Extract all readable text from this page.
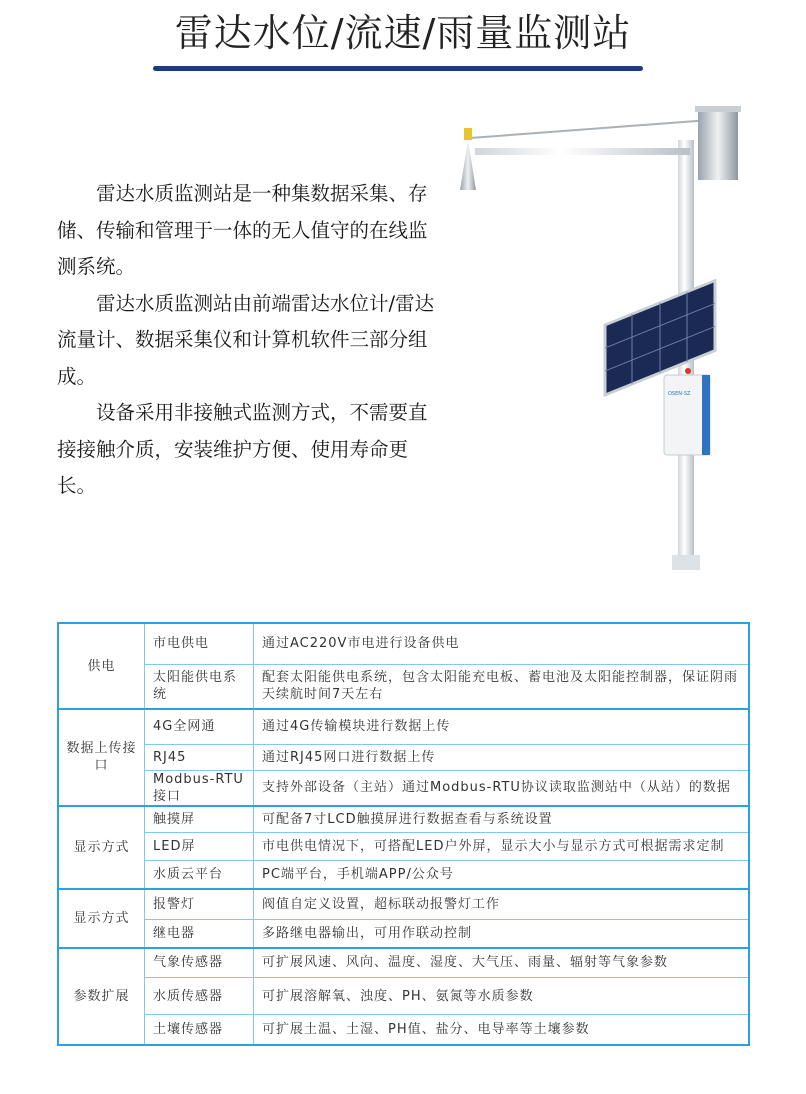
雷达水位/流速/雨量监测站

雷达水质监测站是一种集数据采集、存储、传输和管理于一体的无人值守的在线监测系统。

雷达水质监测站由前端雷达水位计/雷达流量计、数据采集仪和计算机软件三部分组成。

设备采用非接触式监测方式，不需要直接接触介质，安装维护方便、使用寿命更长。

OSEN-SZ
供电	市电供电	通过AC220V市电进行设备供电
	太阳能供电系统	配套太阳能供电系统，包含太阳能充电板、蓄电池及太阳能控制器，保证阴雨天续航时间7天左右
数据上传接口	4G全网通	通过4G传输模块进行数据上传
	RJ45	通过RJ45网口进行数据上传
	Modbus-RTU接口	支持外部设备（主站）通过Modbus-RTU协议读取监测站中（从站）的数据
显示方式	触摸屏	可配备7寸LCD触摸屏进行数据查看与系统设置
	LED屏	市电供电情况下，可搭配LED户外屏，显示大小与显示方式可根据需求定制
	水质云平台	PC端平台，手机端APP/公众号
显示方式	报警灯	阀值自定义设置，超标联动报警灯工作
	继电器	多路继电器输出，可用作联动控制
参数扩展	气象传感器	可扩展风速、风向、温度、湿度、大气压、雨量、辐射等气象参数
	水质传感器	可扩展溶解氧、浊度、PH、氨氮等水质参数
	土壤传感器	可扩展土温、土湿、PH值、盐分、电导率等土壤参数
